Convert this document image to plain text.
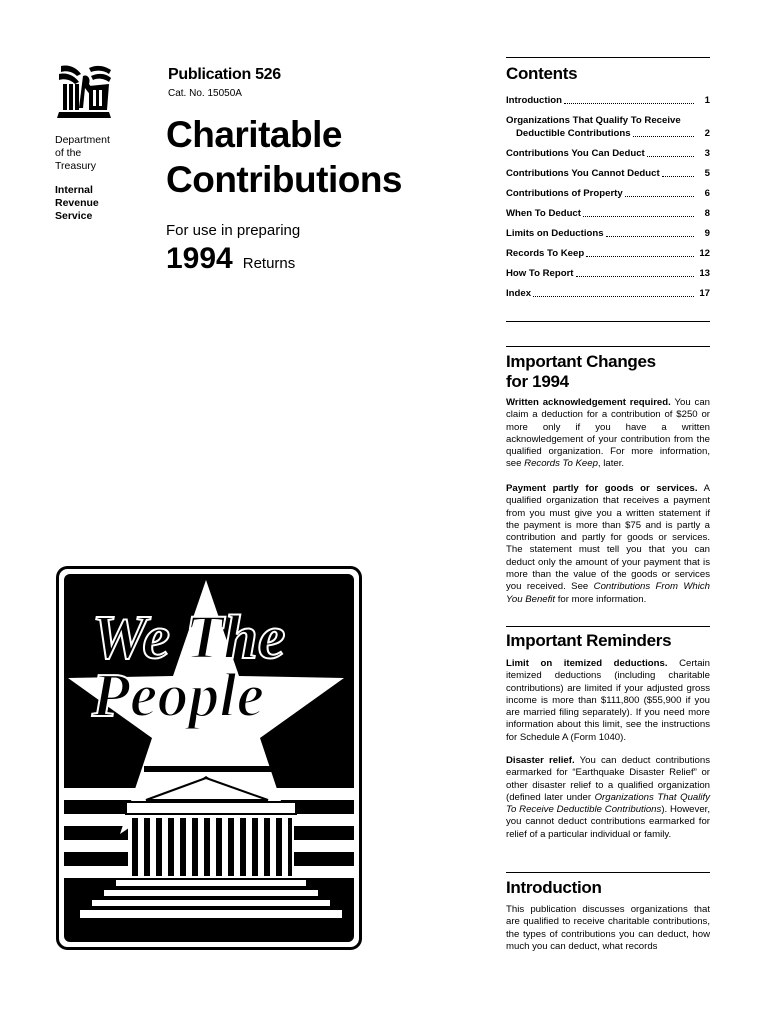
Department
of the
Treasury
Internal
Revenue
Service
Publication 526
Cat. No. 15050A
Charitable
Contributions
For use in preparing
1994 Returns
We The
People
Contents
Introduction	1
Organizations That Qualify To Receive
Deductible Contributions	2
Contributions You Can Deduct	3
Contributions You Cannot Deduct	5
Contributions of Property	6
When To Deduct	8
Limits on Deductions	9
Records To Keep	12
How To Report	13
Index	17
Important Changes
for 1994
Written acknowledgement required. You can claim a deduction for a contribution of $250 or more only if you have a written acknowledgement of your contribution from the qualified organization. For more information, see Records To Keep, later.
Payment partly for goods or services. A qualified organization that receives a payment from you must give you a written statement if the payment is more than $75 and is partly a contribution and partly for goods or services. The statement must tell you that you can deduct only the amount of your payment that is more than the value of the goods or services you received. See Contributions From Which You Benefit for more information.
Important Reminders
Limit on itemized deductions. Certain itemized deductions (including charitable contributions) are limited if your adjusted gross income is more than $111,800 ($55,900 if you are married filing separately). If you need more information about this limit, see the instructions for Schedule A (Form 1040).
Disaster relief. You can deduct contributions earmarked for “Earthquake Disaster Relief” or other disaster relief to a qualified organization (defined later under Organizations That Qualify To Receive Deductible Contributions). However, you cannot deduct contributions earmarked for relief of a particular individual or family.
Introduction
This publication discusses organizations that are qualified to receive charitable contributions, the types of contributions you can deduct, how much you can deduct, what records
